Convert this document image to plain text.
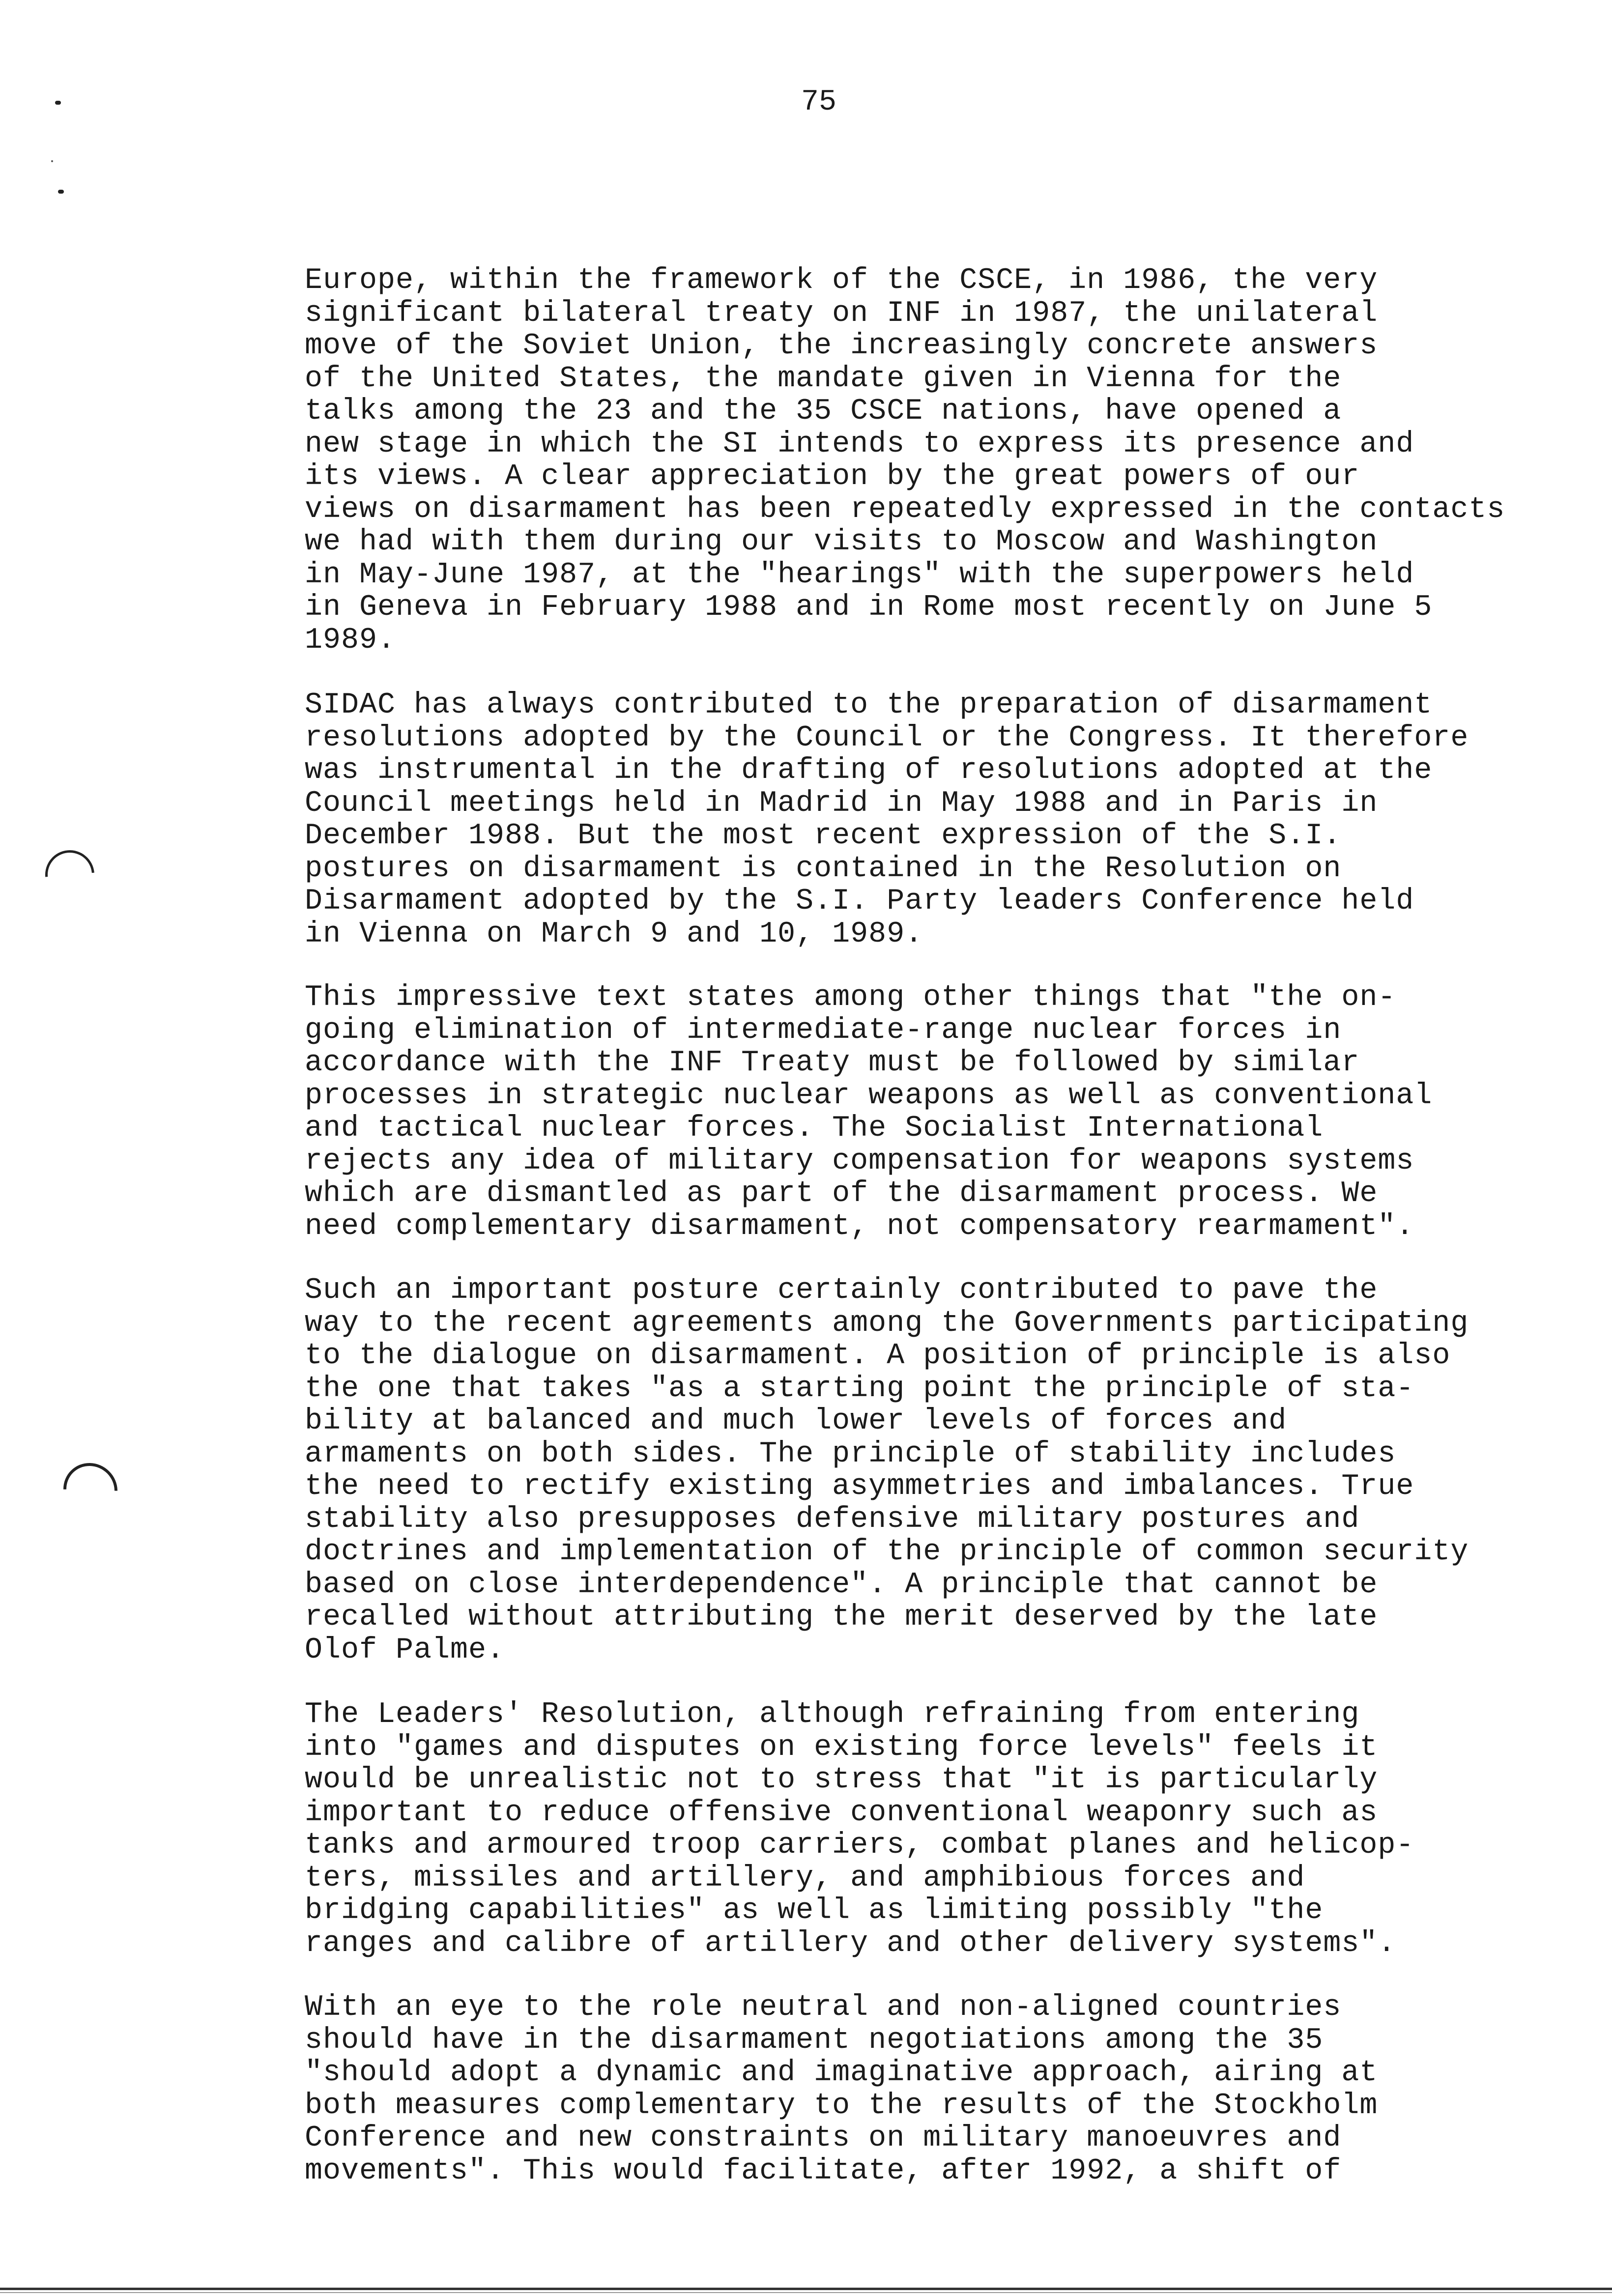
75

Europe, within the framework of the CSCE, in 1986, the very
significant bilateral treaty on INF in 1987, the unilateral
move of the Soviet Union, the increasingly concrete answers
of the United States, the mandate given in Vienna for the
talks among the 23 and the 35 CSCE nations, have opened a
new stage in which the SI intends to express its presence and
its views. A clear appreciation by the great powers of our
views on disarmament has been repeatedly expressed in the contacts
we had with them during our visits to Moscow and Washington
in May-June 1987, at the "hearings" with the superpowers held
in Geneva in February 1988 and in Rome most recently on June 5
1989.

SIDAC has always contributed to the preparation of disarmament
resolutions adopted by the Council or the Congress. It therefore
was instrumental in the drafting of resolutions adopted at the
Council meetings held in Madrid in May 1988 and in Paris in
December 1988. But the most recent expression of the S.I.
postures on disarmament is contained in the Resolution on
Disarmament adopted by the S.I. Party leaders Conference held
in Vienna on March 9 and 10, 1989.

This impressive text states among other things that "the on-
going elimination of intermediate-range nuclear forces in
accordance with the INF Treaty must be followed by similar
processes in strategic nuclear weapons as well as conventional
and tactical nuclear forces. The Socialist International
rejects any idea of military compensation for weapons systems
which are dismantled as part of the disarmament process. We
need complementary disarmament, not compensatory rearmament".

Such an important posture certainly contributed to pave the
way to the recent agreements among the Governments participating
to the dialogue on disarmament. A position of principle is also
the one that takes "as a starting point the principle of sta-
bility at balanced and much lower levels of forces and
armaments on both sides. The principle of stability includes
the need to rectify existing asymmetries and imbalances. True
stability also presupposes defensive military postures and
doctrines and implementation of the principle of common security
based on close interdependence". A principle that cannot be
recalled without attributing the merit deserved by the late
Olof Palme.

The Leaders' Resolution, although refraining from entering
into "games and disputes on existing force levels" feels it
would be unrealistic not to stress that "it is particularly
important to reduce offensive conventional weaponry such as
tanks and armoured troop carriers, combat planes and helicop-
ters, missiles and artillery, and amphibious forces and
bridging capabilities" as well as limiting possibly "the
ranges and calibre of artillery and other delivery systems".

With an eye to the role neutral and non-aligned countries
should have in the disarmament negotiations among the 35
"should adopt a dynamic and imaginative approach, airing at
both measures complementary to the results of the Stockholm
Conference and new constraints on military manoeuvres and
movements". This would facilitate, after 1992, a shift of
